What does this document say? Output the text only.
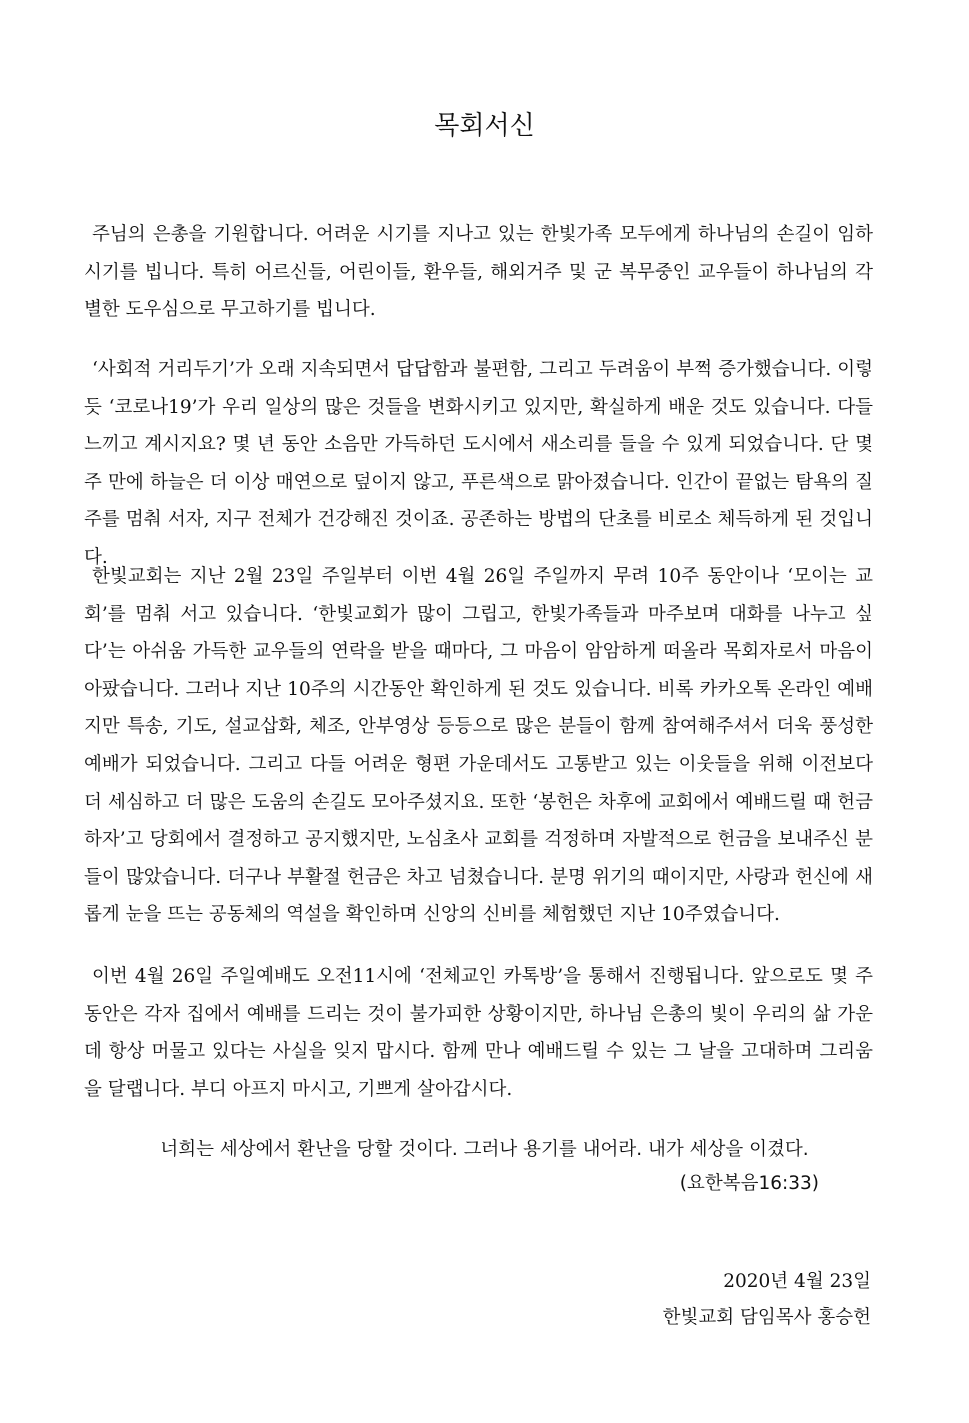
목회서신

주님의 은총을 기원합니다. 어려운 시기를 지나고 있는 한빛가족 모두에게 하나님의 손길이 임하시기를 빕니다. 특히 어르신들, 어린이들, 환우들, 해외거주 및 군 복무중인 교우들이 하나님의 각별한 도우심으로 무고하기를 빕니다.

‘사회적 거리두기’가 오래 지속되면서 답답함과 불편함, 그리고 두려움이 부쩍 증가했습니다. 이렇듯 ‘코로나19’가 우리 일상의 많은 것들을 변화시키고 있지만, 확실하게 배운 것도 있습니다. 다들 느끼고 계시지요? 몇 년 동안 소음만 가득하던 도시에서 새소리를 들을 수 있게 되었습니다. 단 몇 주 만에 하늘은 더 이상 매연으로 덮이지 않고, 푸른색으로 맑아졌습니다. 인간이 끝없는 탐욕의 질주를 멈춰 서자, 지구 전체가 건강해진 것이죠. 공존하는 방법의 단초를 비로소 체득하게 된 것입니다.

한빛교회는 지난 2월 23일 주일부터 이번 4월 26일 주일까지 무려 10주 동안이나 ‘모이는 교회’를 멈춰 서고 있습니다. ‘한빛교회가 많이 그립고, 한빛가족들과 마주보며 대화를 나누고 싶다’는 아쉬움 가득한 교우들의 연락을 받을 때마다, 그 마음이 암암하게 떠올라 목회자로서 마음이 아팠습니다. 그러나 지난 10주의 시간동안 확인하게 된 것도 있습니다. 비록 카카오톡 온라인 예배지만 특송, 기도, 설교삽화, 체조, 안부영상 등등으로 많은 분들이 함께 참여해주셔서 더욱 풍성한 예배가 되었습니다. 그리고 다들 어려운 형편 가운데서도 고통받고 있는 이웃들을 위해 이전보다 더 세심하고 더 많은 도움의 손길도 모아주셨지요. 또한 ‘봉헌은 차후에 교회에서 예배드릴 때 헌금하자’고 당회에서 결정하고 공지했지만, 노심초사 교회를 걱정하며 자발적으로 헌금을 보내주신 분들이 많았습니다. 더구나 부활절 헌금은 차고 넘쳤습니다. 분명 위기의 때이지만, 사랑과 헌신에 새롭게 눈을 뜨는 공동체의 역설을 확인하며 신앙의 신비를 체험했던 지난 10주였습니다.

이번 4월 26일 주일예배도 오전11시에 ‘전체교인 카톡방’을 통해서 진행됩니다. 앞으로도 몇 주 동안은 각자 집에서 예배를 드리는 것이 불가피한 상황이지만, 하나님 은총의 빛이 우리의 삶 가운데 항상 머물고 있다는 사실을 잊지 맙시다. 함께 만나 예배드릴 수 있는 그 날을 고대하며 그리움을 달랩니다. 부디 아프지 마시고, 기쁘게 살아갑시다.

너희는 세상에서 환난을 당할 것이다. 그러나 용기를 내어라. 내가 세상을 이겼다.
(요한복음16:33)
2020년 4월 23일
한빛교회 담임목사 홍승헌
